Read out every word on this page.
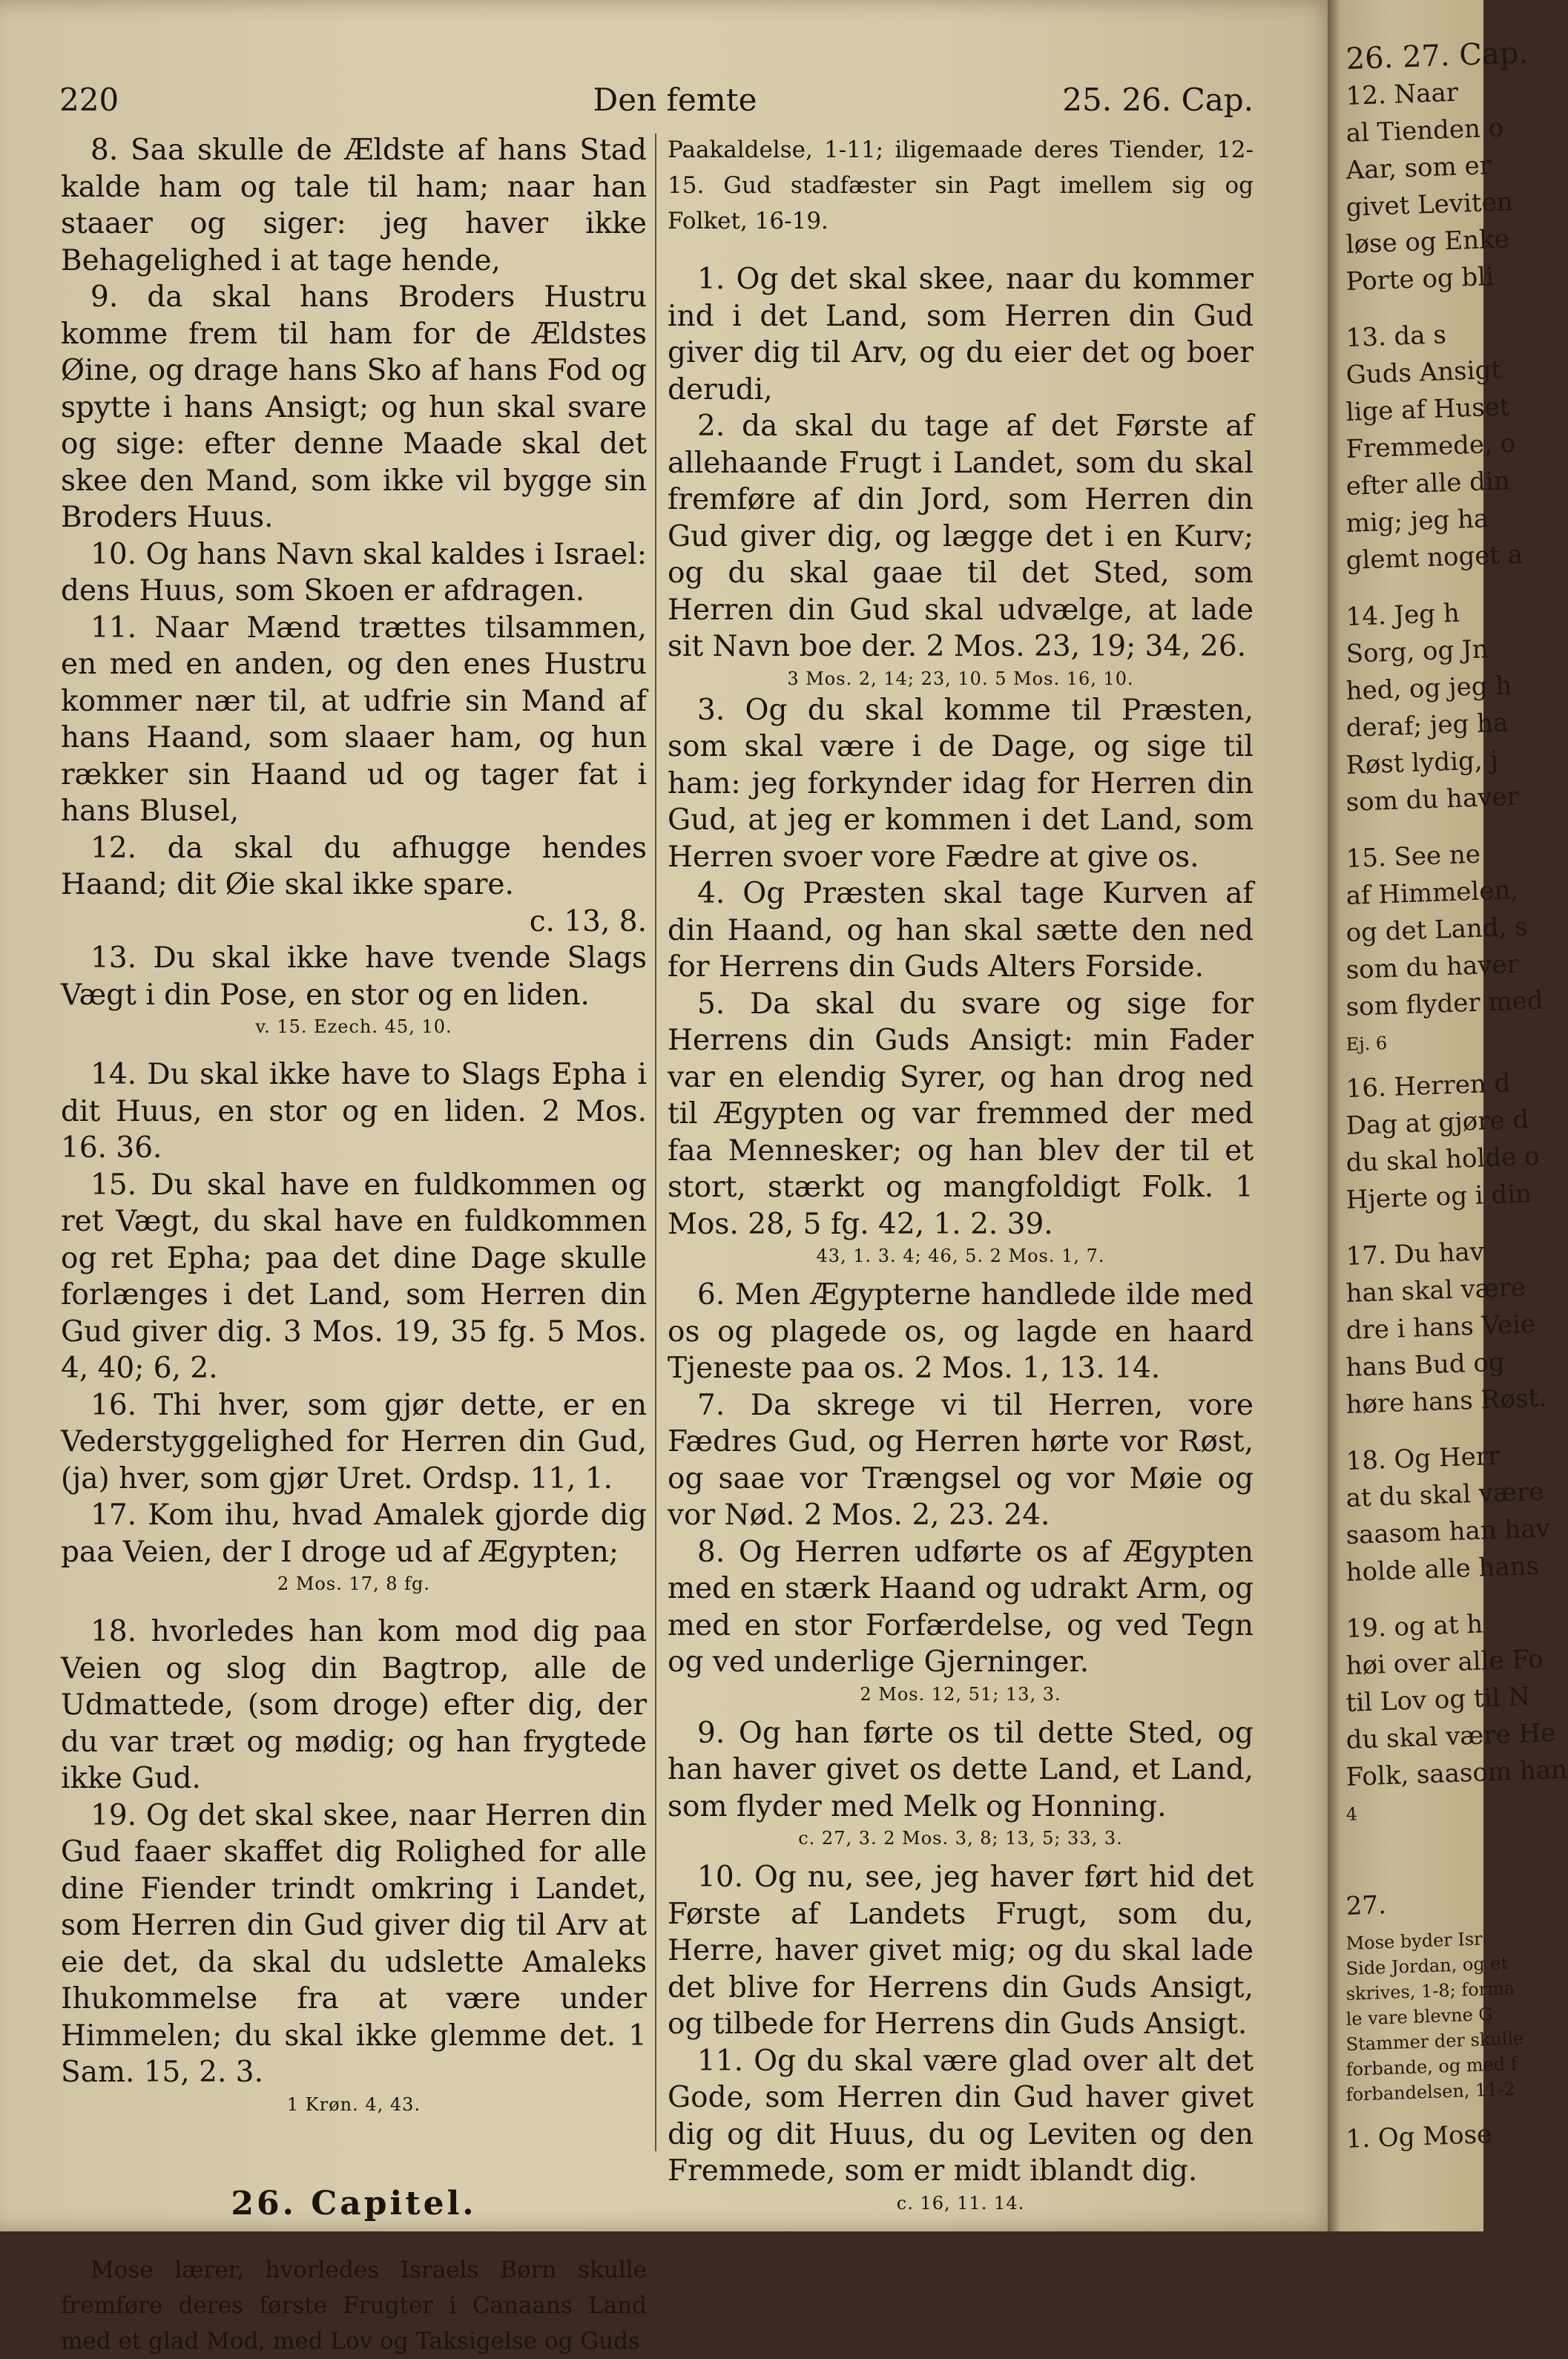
220	Den femte	25. 26. Cap.

8. Saa skulle de Ældste af hans Stad kalde ham og tale til ham; naar han staaer og siger: jeg haver ikke Behagelighed i at tage hende,

9. da skal hans Broders Hustru komme frem til ham for de Ældstes Øine, og drage hans Sko af hans Fod og spytte i hans Ansigt; og hun skal svare og sige: efter denne Maade skal det skee den Mand, som ikke vil bygge sin Broders Huus.

10. Og hans Navn skal kaldes i Israel: dens Huus, som Skoen er afdragen.

11. Naar Mænd trættes tilsammen, en med en anden, og den enes Hustru kommer nær til, at udfrie sin Mand af hans Haand, som slaaer ham, og hun rækker sin Haand ud og tager fat i hans Blusel,

12. da skal du afhugge hendes Haand; dit Øie skal ikke spare.

c. 13, 8.

13. Du skal ikke have tvende Slags Vægt i din Pose, en stor og en liden.

v. 15. Ezech. 45, 10.

14. Du skal ikke have to Slags Epha i dit Huus, en stor og en liden. 2 Mos. 16. 36.

15. Du skal have en fuldkommen og ret Vægt, du skal have en fuldkommen og ret Epha; paa det dine Dage skulle forlænges i det Land, som Herren din Gud giver dig. 3 Mos. 19, 35 fg. 5 Mos. 4, 40; 6, 2.

16. Thi hver, som gjør dette, er en Vederstyggelighed for Herren din Gud, (ja) hver, som gjør Uret. Ordsp. 11, 1.

17. Kom ihu, hvad Amalek gjorde dig paa Veien, der I droge ud af Ægypten;

2 Mos. 17, 8 fg.

18. hvorledes han kom mod dig paa Veien og slog din Bagtrop, alle de Udmattede, (som droge) efter dig, der du var træt og mødig; og han frygtede ikke Gud.

19. Og det skal skee, naar Herren din Gud faaer skaffet dig Rolighed for alle dine Fiender trindt omkring i Landet, som Herren din Gud giver dig til Arv at eie det, da skal du udslette Amaleks Ihukommelse fra at være under Himmelen; du skal ikke glemme det. 1 Sam. 15, 2. 3.

1 Krøn. 4, 43.

26. Capitel.

Mose lærer, hvorledes Israels Børn skulle fremføre deres første Frugter i Canaans Land med et glad Mod, med Lov og Taksigelse og Guds

Paakaldelse, 1-11; iligemaade deres Tiender, 12-15. Gud stadfæster sin Pagt imellem sig og Folket, 16-19.

1. Og det skal skee, naar du kommer ind i det Land, som Herren din Gud giver dig til Arv, og du eier det og boer derudi,

2. da skal du tage af det Første af allehaande Frugt i Landet, som du skal fremføre af din Jord, som Herren din Gud giver dig, og lægge det i en Kurv; og du skal gaae til det Sted, som Herren din Gud skal udvælge, at lade sit Navn boe der. 2 Mos. 23, 19; 34, 26.

3 Mos. 2, 14; 23, 10. 5 Mos. 16, 10.

3. Og du skal komme til Præsten, som skal være i de Dage, og sige til ham: jeg forkynder idag for Herren din Gud, at jeg er kommen i det Land, som Herren svoer vore Fædre at give os.

4. Og Præsten skal tage Kurven af din Haand, og han skal sætte den ned for Herrens din Guds Alters Forside.

5. Da skal du svare og sige for Herrens din Guds Ansigt: min Fader var en elendig Syrer, og han drog ned til Ægypten og var fremmed der med faa Mennesker; og han blev der til et stort, stærkt og mangfoldigt Folk. 1 Mos. 28, 5 fg. 42, 1. 2. 39.

43, 1. 3. 4; 46, 5. 2 Mos. 1, 7.

6. Men Ægypterne handlede ilde med os og plagede os, og lagde en haard Tjeneste paa os. 2 Mos. 1, 13. 14.

7. Da skrege vi til Herren, vore Fædres Gud, og Herren hørte vor Røst, og saae vor Trængsel og vor Møie og vor Nød. 2 Mos. 2, 23. 24.

8. Og Herren udførte os af Ægypten med en stærk Haand og udrakt Arm, og med en stor Forfærdelse, og ved Tegn og ved underlige Gjerninger.

2 Mos. 12, 51; 13, 3.

9. Og han førte os til dette Sted, og han haver givet os dette Land, et Land, som flyder med Melk og Honning.

c. 27, 3. 2 Mos. 3, 8; 13, 5; 33, 3.

10. Og nu, see, jeg haver ført hid det Første af Landets Frugt, som du, Herre, haver givet mig; og du skal lade det blive for Herrens din Guds Ansigt, og tilbede for Herrens din Guds Ansigt.

11. Og du skal være glad over alt det Gode, som Herren din Gud haver givet dig og dit Huus, du og Leviten og den Fremmede, som er midt iblandt dig.

c. 16, 11. 14.

26. 27. Cap.
12. Naar
al Tienden o
Aar, som er
givet Leviten
løse og Enke
Porte og bli
13. da s
Guds Ansigt
lige af Huset
Fremmede, o
efter alle din
mig; jeg ha
glemt noget a
14. Jeg h
Sorg, og Jn
hed, og jeg h
deraf; jeg ha
Røst lydig, j
som du haver
15. See ne
af Himmelen,
og det Land, s
som du haver
som flyder med
Ej. 6
16. Herren d
Dag at gjøre d
du skal holde o
Hjerte og i din
17. Du hav
han skal være
dre i hans Veie
hans Bud og
høre hans Røst.
18. Og Herr
at du skal være
saasom han hav
holde alle hans
19. og at h
høi over alle Fo
til Lov og til N
du skal være He
Folk, saasom han
4
27.
Mose byder Isr
Side Jordan, og et
skrives, 1-8; forma
le vare blevne G
Stammer der skulle
forbande, og med f
forbandelsen, 11-2
1. Og Mose
